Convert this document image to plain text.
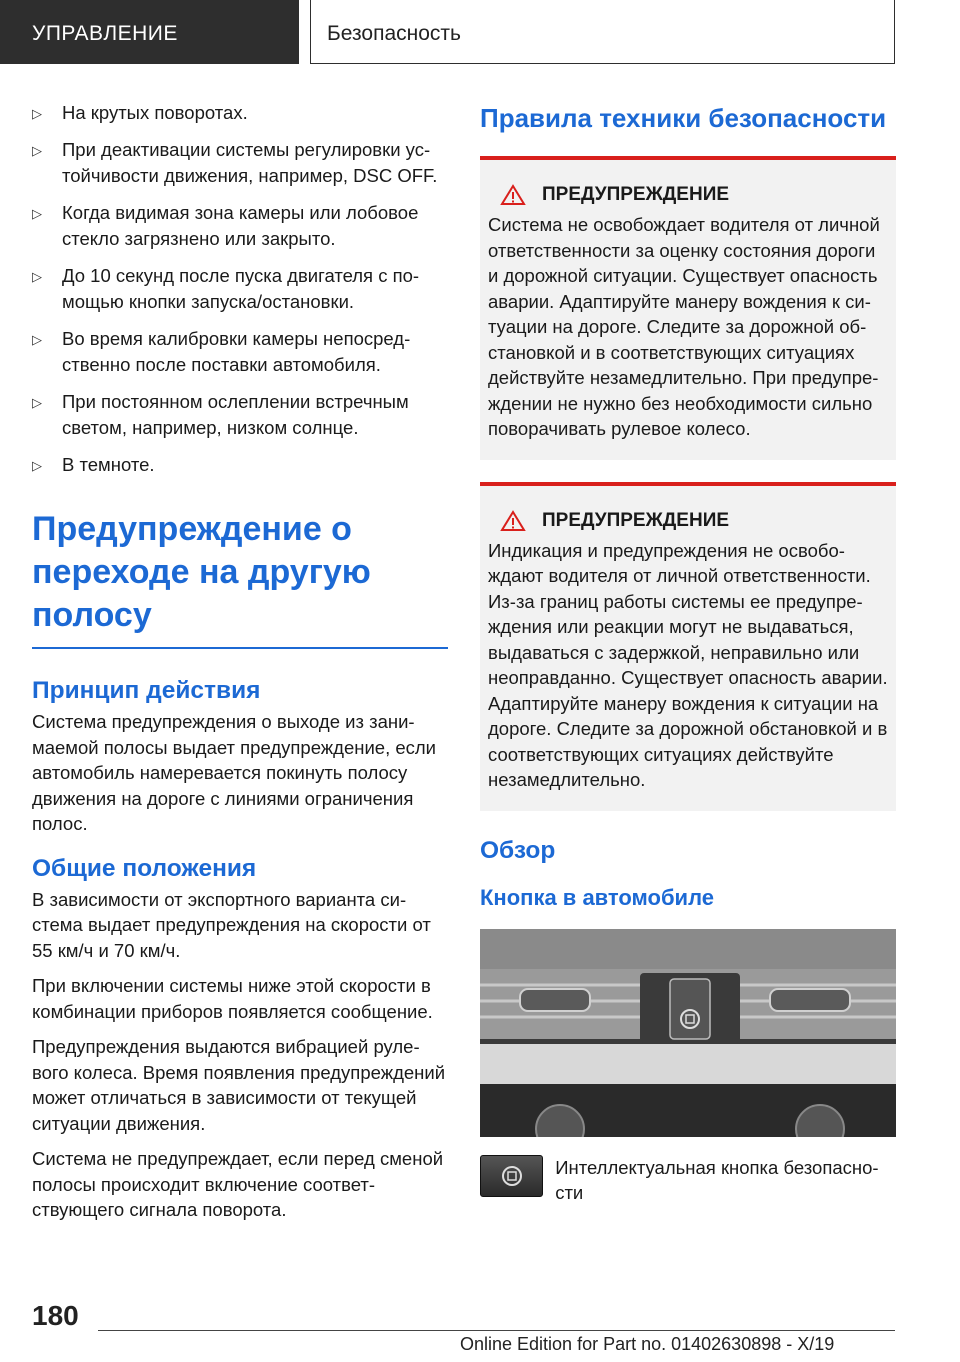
УПРАВЛЕНИЕ	Безопасность
▷ На крутых поворотах.
▷ При деактивации системы регулировки устойчивости движения, например, DSC OFF.
▷ Когда видимая зона камеры или лобовое стекло загрязнено или закрыто.
▷ До 10 секунд после пуска двигателя с помощью кнопки запуска/остановки.
▷ Во время калибровки камеры непосредственно после поставки автомобиля.
▷ При постоянном ослеплении встречным светом, например, низком солнце.
▷ В темноте.
Предупреждение о переходе на другую полосу
Принцип действия

Система предупреждения о выходе из занимаемой полосы выдает предупреждение, если автомобиль намеревается покинуть полосу движения на дороге с линиями ограничения полос.

Общие положения

В зависимости от экспортного варианта система выдает предупреждения на скорости от 55 км/ч и 70 км/ч.

При включении системы ниже этой скорости в комбинации приборов появляется сообщение.

Предупреждения выдаются вибрацией рулевого колеса. Время появления предупреждений может отличаться в зависимости от текущей ситуации движения.

Система не предупреждает, если перед сменой полосы происходит включение соответствующего сигнала поворота.

Правила техники безопасности
ПРЕДУПРЕЖДЕНИЕ

Система не освобождает водителя от личной ответственности за оценку состояния дороги и дорожной ситуации. Существует опасность аварии. Адаптируйте манеру вождения к ситуации на дороге. Следите за дорожной обстановкой и в соответствующих ситуациях действуйте незамедлительно. При предупреждении не нужно без необходимости сильно поворачивать рулевое колесо.

ПРЕДУПРЕЖДЕНИЕ

Индикация и предупреждения не освобождают водителя от личной ответственности. Из-за границ работы системы ее предупреждения или реакции могут не выдаваться, выдаваться с задержкой, неправильно или неоправданно. Существует опасность аварии. Адаптируйте манеру вождения к ситуации на дороге. Следите за дорожной обстановкой и в соответствующих ситуациях действуйте незамедлительно.

Обзор
Кнопка в автомобиле
Интеллектуальная кнопка безопасности
180
Online Edition for Part no. 01402630898 - X/19
